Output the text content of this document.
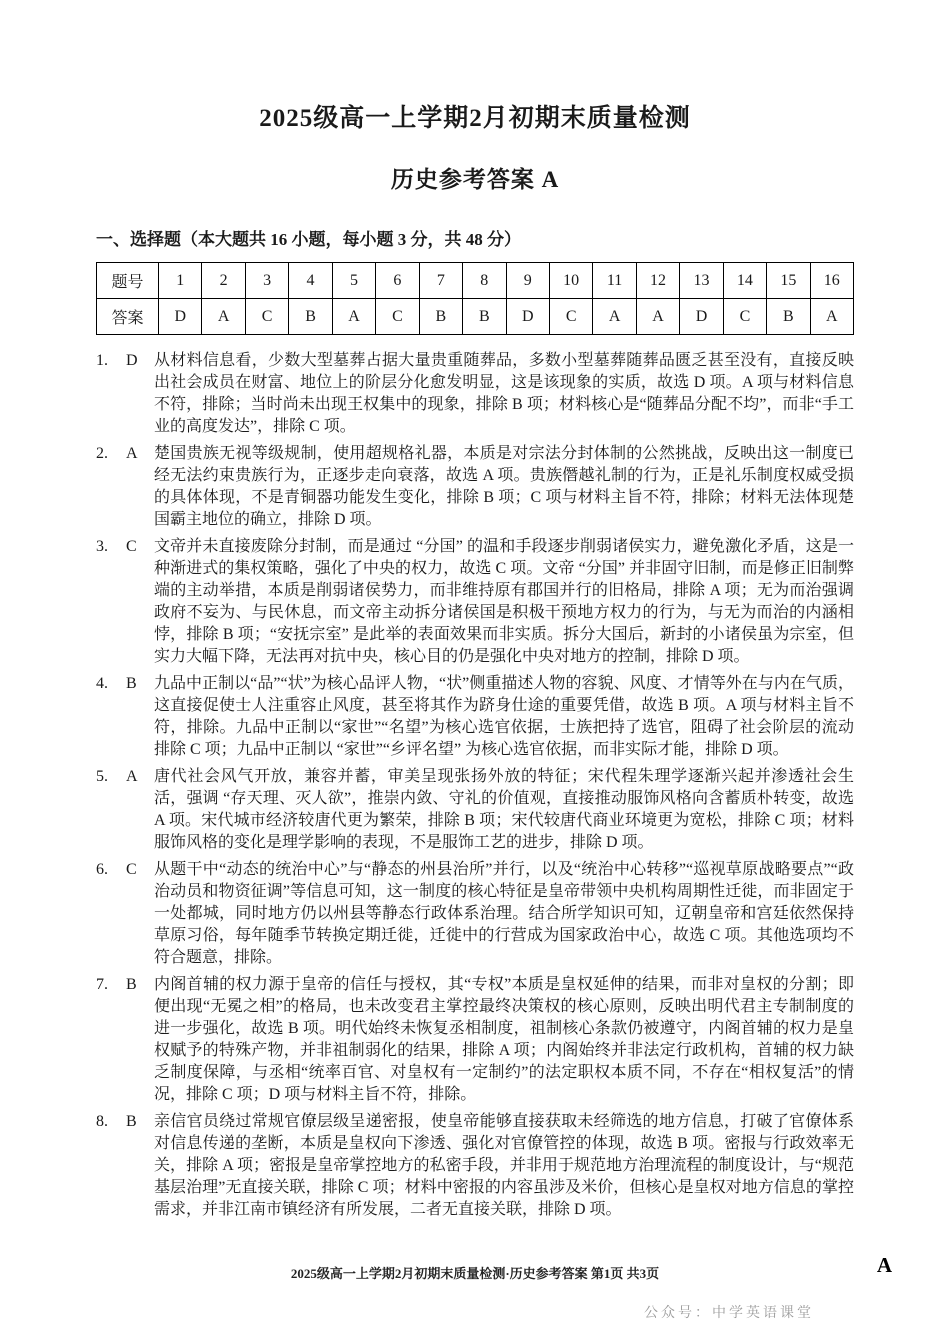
2025级高一上学期2月初期末质量检测
历史参考答案 A
一、选择题（本大题共 16 小题，每小题 3 分，共 48 分）
题号	1	2	3	4	5	6	7	8	9	10	11	12	13	14	15	16
答案	D	A	C	B	A	C	B	B	D	C	A	A	D	C	B	A
1.	D	从材料信息看，少数大型墓葬占据大量贵重随葬品，多数小型墓葬随葬品匮乏甚至没有，直接反映出社会成员在财富、地位上的阶层分化愈发明显，这是该现象的实质，故选 D 项。A 项与材料信息不符，排除；当时尚未出现王权集中的现象，排除 B 项；材料核心是“随葬品分配不均”，而非“手工业的高度发达”，排除 C 项。
2.	A	楚国贵族无视等级规制，使用超规格礼器，本质是对宗法分封体制的公然挑战，反映出这一制度已经无法约束贵族行为，正逐步走向衰落，故选 A 项。贵族僭越礼制的行为，正是礼乐制度权威受损的具体体现，不是青铜器功能发生变化，排除 B 项；C 项与材料主旨不符，排除；材料无法体现楚国霸主地位的确立，排除 D 项。
3.	C	文帝并未直接废除分封制，而是通过 “分国” 的温和手段逐步削弱诸侯实力，避免激化矛盾，这是一种渐进式的集权策略，强化了中央的权力，故选 C 项。文帝 “分国” 并非固守旧制，而是修正旧制弊端的主动举措，本质是削弱诸侯势力，而非维持原有郡国并行的旧格局，排除 A 项；无为而治强调政府不妄为、与民休息，而文帝主动拆分诸侯国是积极干预地方权力的行为，与无为而治的内涵相悖，排除 B 项；“安抚宗室” 是此举的表面效果而非实质。拆分大国后，新封的小诸侯虽为宗室，但实力大幅下降，无法再对抗中央，核心目的仍是强化中央对地方的控制，排除 D 项。
4.	B	九品中正制以“品”“状”为核心品评人物，“状”侧重描述人物的容貌、风度、才情等外在与内在气质，这直接促使士人注重容止风度，甚至将其作为跻身仕途的重要凭借，故选 B 项。A 项与材料主旨不符，排除。九品中正制以“家世”“名望”为核心选官依据，士族把持了选官，阻碍了社会阶层的流动排除 C 项；九品中正制以 “家世”“乡评名望” 为核心选官依据，而非实际才能，排除 D 项。
5.	A	唐代社会风气开放，兼容并蓄，审美呈现张扬外放的特征；宋代程朱理学逐渐兴起并渗透社会生活，强调 “存天理、灭人欲”，推崇内敛、守礼的价值观，直接推动服饰风格向含蓄质朴转变，故选 A 项。宋代城市经济较唐代更为繁荣，排除 B 项；宋代较唐代商业环境更为宽松，排除 C 项；材料服饰风格的变化是理学影响的表现，不是服饰工艺的进步，排除 D 项。
6.	C	从题干中“动态的统治中心”与“静态的州县治所”并行，以及“统治中心转移”“巡视草原战略要点”“政治动员和物资征调”等信息可知，这一制度的核心特征是皇帝带领中央机构周期性迁徙，而非固定于一处都城，同时地方仍以州县等静态行政体系治理。结合所学知识可知，辽朝皇帝和宫廷依然保持草原习俗，每年随季节转换定期迁徙，迁徙中的行营成为国家政治中心，故选 C 项。其他选项均不符合题意，排除。
7.	B	内阁首辅的权力源于皇帝的信任与授权，其“专权”本质是皇权延伸的结果，而非对皇权的分割；即便出现“无冕之相”的格局，也未改变君主掌控最终决策权的核心原则，反映出明代君主专制制度的进一步强化，故选 B 项。明代始终未恢复丞相制度，祖制核心条款仍被遵守，内阁首辅的权力是皇权赋予的特殊产物，并非祖制弱化的结果，排除 A 项；内阁始终并非法定行政机构，首辅的权力缺乏制度保障，与丞相“统率百官、对皇权有一定制约”的法定职权本质不同，不存在“相权复活”的情况，排除 C 项；D 项与材料主旨不符，排除。
8.	B	亲信官员绕过常规官僚层级呈递密报，使皇帝能够直接获取未经筛选的地方信息，打破了官僚体系对信息传递的垄断，本质是皇权向下渗透、强化对官僚管控的体现，故选 B 项。密报与行政效率无关，排除 A 项；密报是皇帝掌控地方的私密手段，并非用于规范地方治理流程的制度设计，与“规范基层治理”无直接关联，排除 C 项；材料中密报的内容虽涉及米价，但核心是皇权对地方信息的掌控需求，并非江南市镇经济有所发展，二者无直接关联，排除 D 项。
2025级高一上学期2月初期末质量检测·历史参考答案 第1页 共3页	A
公众号：中学英语课堂
